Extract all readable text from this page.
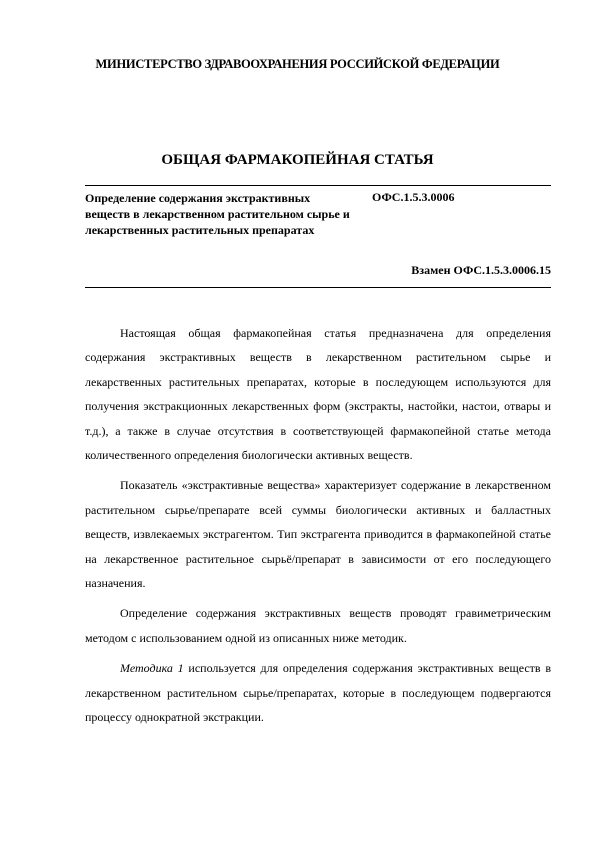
МИНИСТЕРСТВО ЗДРАВООХРАНЕНИЯ РОССИЙСКОЙ ФЕДЕРАЦИИ
ОБЩАЯ ФАРМАКОПЕЙНАЯ СТАТЬЯ
Определение содержания экстрактивных веществ в лекарственном растительном сырье и лекарственных растительных препаратах
ОФС.1.5.3.0006
Взамен ОФС.1.5.3.0006.15

Настоящая общая фармакопейная статья предназначена для определения содержания экстрактивных веществ в лекарственном растительном сырье и лекарственных растительных препаратах, которые в последующем используются для получения экстракционных лекарственных форм (экстракты, настойки, настои, отвары и т.д.), а также в случае отсутствия в соответствующей фармакопейной статье метода количественного определения биологически активных веществ.

Показатель «экстрактивные вещества» характеризует содержание в лекарственном растительном сырье/препарате всей суммы биологически активных и балластных веществ, извлекаемых экстрагентом. Тип экстрагента приводится в фармакопейной статье на лекарственное растительное сырьё/препарат в зависимости от его последующего назначения.

Определение содержания экстрактивных веществ проводят гравиметрическим методом с использованием одной из описанных ниже методик.

Методика 1 используется для определения содержания экстрактивных веществ в лекарственном растительном сырье/препаратах, которые в последующем подвергаются процессу однократной экстракции.
